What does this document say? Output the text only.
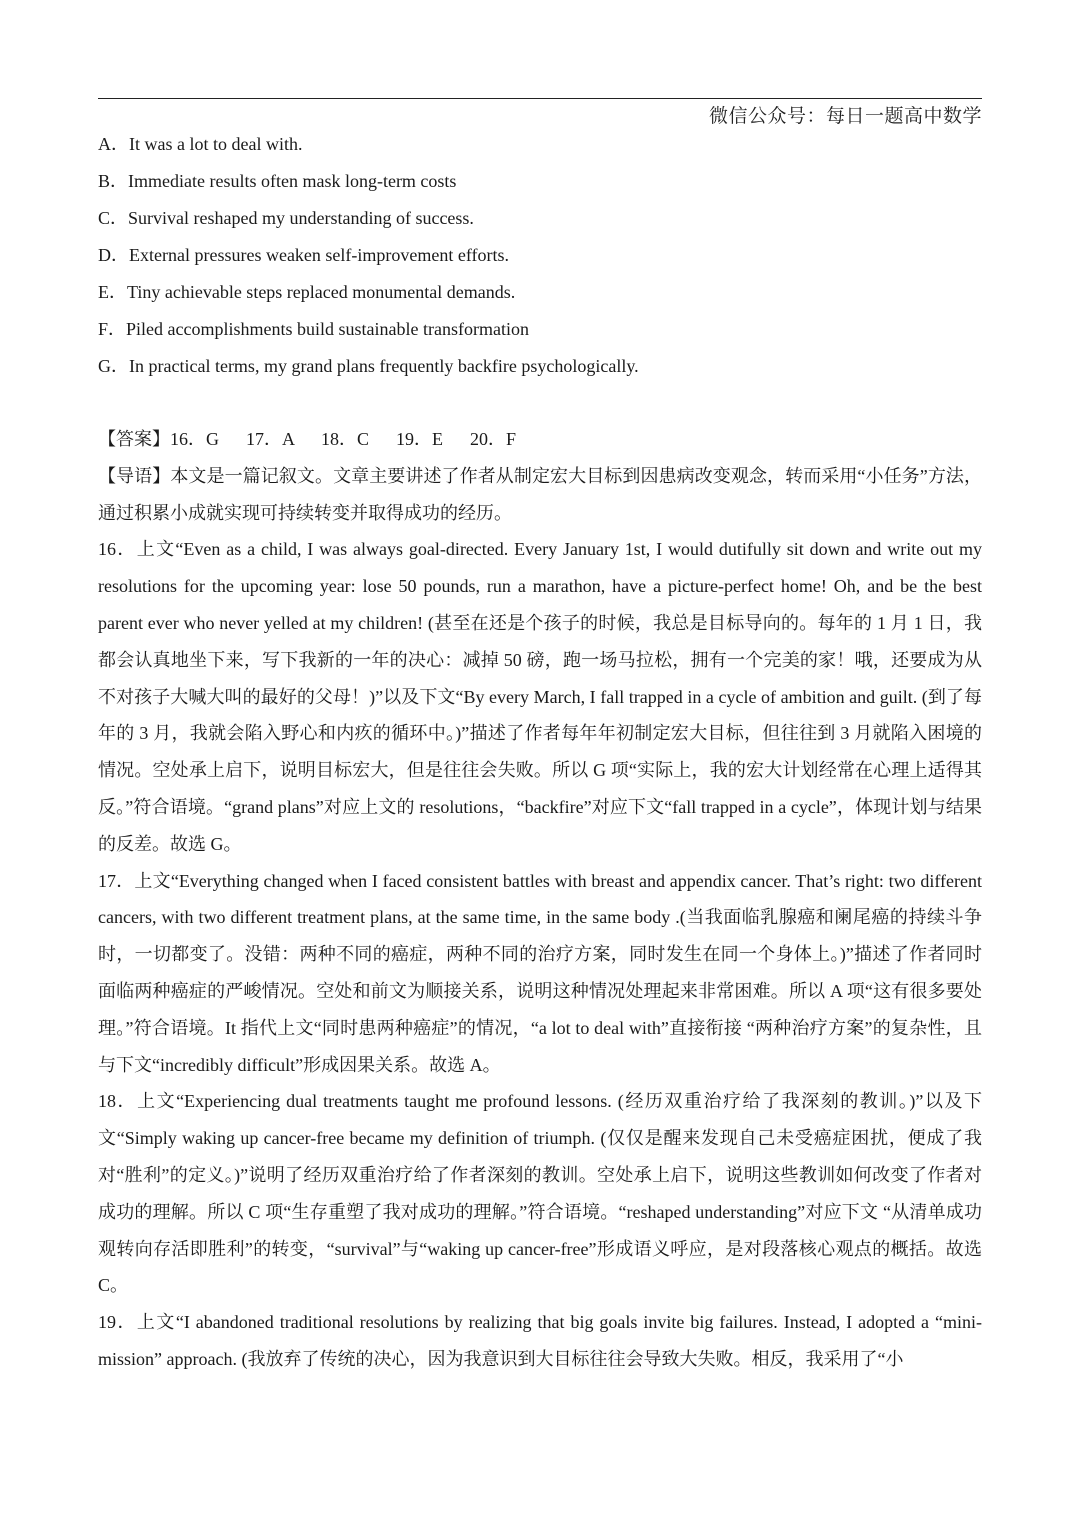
微信公众号：每日一题高中数学
A．It was a lot to deal with.
B．Immediate results often mask long-term costs
C．Survival reshaped my understanding of success.
D．External pressures weaken self-improvement efforts.
E．Tiny achievable steps replaced monumental demands.
F．Piled accomplishments build sustainable transformation
G．In practical terms, my grand plans frequently backfire psychologically.
【答案】16．G      17．A      18．C      19．E      20．F

【导语】本文是一篇记叙文。文章主要讲述了作者从制定宏大目标到因患病改变观念，转而采用“小任务”方法，通过积累小成就实现可持续转变并取得成功的经历。

16．上文“Even as a child, I was always goal-directed. Every January 1st, I would dutifully sit down and write out my resolutions for the upcoming year: lose 50 pounds, run a marathon, have a picture-perfect home! Oh, and be the best parent ever who never yelled at my children! (甚至在还是个孩子的时候，我总是目标导向的。每年的 1 月 1 日，我都会认真地坐下来，写下我新的一年的决心：减掉 50 磅，跑一场马拉松，拥有一个完美的家！哦，还要成为从不对孩子大喊大叫的最好的父母！)”以及下文“By every March, I fall trapped in a cycle of ambition and guilt. (到了每年的 3 月，我就会陷入野心和内疚的循环中。)”描述了作者每年年初制定宏大目标，但往往到 3 月就陷入困境的情况。空处承上启下，说明目标宏大，但是往往会失败。所以 G 项“实际上，我的宏大计划经常在心理上适得其反。”符合语境。“grand plans”对应上文的 resolutions，“backfire”对应下文“fall trapped in a cycle”，体现计划与结果的反差。故选 G。

17．上文“Everything changed when I faced consistent battles with breast and appendix cancer. That’s right: two different cancers, with two different treatment plans, at the same time, in the same body .(当我面临乳腺癌和阑尾癌的持续斗争时，一切都变了。没错：两种不同的癌症，两种不同的治疗方案，同时发生在同一个身体上。)”描述了作者同时面临两种癌症的严峻情况。空处和前文为顺接关系，说明这种情况处理起来非常困难。所以 A 项“这有很多要处理。”符合语境。It 指代上文“同时患两种癌症”的情况，“a lot to deal with”直接衔接 “两种治疗方案”的复杂性，且与下文“incredibly difficult”形成因果关系。故选 A。

18．上文“Experiencing dual treatments taught me profound lessons. (经历双重治疗给了我深刻的教训。)”以及下文“Simply waking up cancer-free became my definition of triumph. (仅仅是醒来发现自己未受癌症困扰，便成了我对“胜利”的定义。)”说明了经历双重治疗给了作者深刻的教训。空处承上启下，说明这些教训如何改变了作者对成功的理解。所以 C 项“生存重塑了我对成功的理解。”符合语境。“reshaped understanding”对应下文 “从清单成功观转向存活即胜利”的转变，“survival”与“waking up cancer-free”形成语义呼应，是对段落核心观点的概括。故选 C。

19．上文“I abandoned traditional resolutions by realizing that big goals invite big failures. Instead, I adopted a “mini-mission” approach. (我放弃了传统的决心，因为我意识到大目标往往会导致大失败。相反，我采用了“小
